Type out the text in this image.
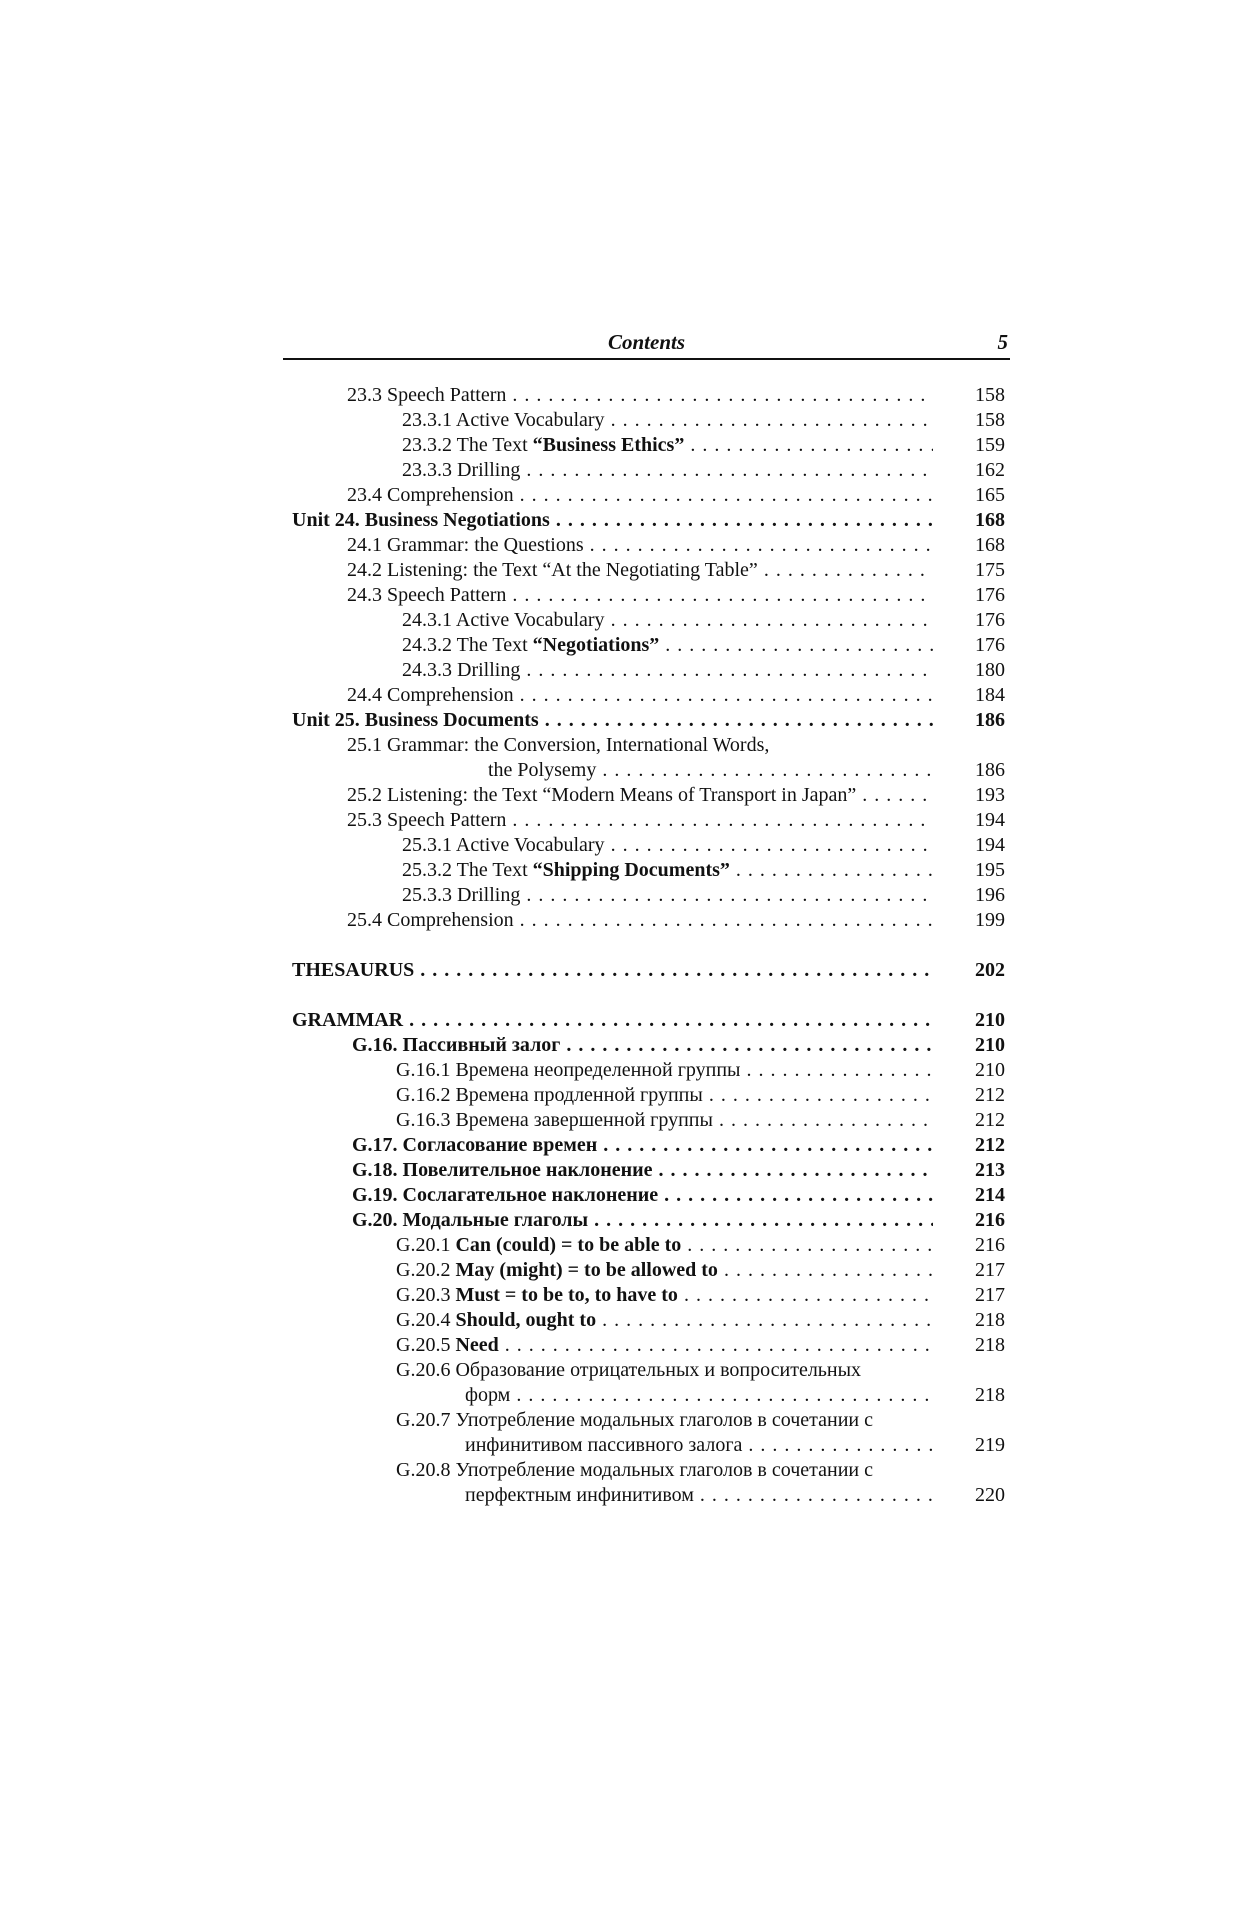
Contents	5
23.3 Speech Pattern . . .	158
23.3.1 Active Vocabulary . . .	158
23.3.2 The Text “Business Ethics” . . .	159
23.3.3 Drilling . . .	162
23.4 Comprehension . . .	165
Unit 24. Business Negotiations . . .	168
24.1 Grammar: the Questions . . .	168
24.2 Listening: the Text “At the Negotiating Table” . . .	175
24.3 Speech Pattern . . .	176
24.3.1 Active Vocabulary . . .	176
24.3.2 The Text “Negotiations” . . .	176
24.3.3 Drilling . . .	180
24.4 Comprehension . . .	184
Unit 25. Business Documents . . .	186
25.1 Grammar: the Conversion, International Words,
the Polysemy . . .	186
25.2 Listening: the Text “Modern Means of Transport in Japan” . . .	193
25.3 Speech Pattern . . .	194
25.3.1 Active Vocabulary . . .	194
25.3.2 The Text “Shipping Documents” . . .	195
25.3.3 Drilling . . .	196
25.4 Comprehension . . .	199
THESAURUS . . .	202
GRAMMAR . . .	210
G.16. Пассивный залог . . .	210
G.16.1 Времена неопределенной группы . . .	210
G.16.2 Времена продленной группы . . .	212
G.16.3 Времена завершенной группы . . .	212
G.17. Согласование времен . . .	212
G.18. Повелительное наклонение . . .	213
G.19. Сослагательное наклонение . . .	214
G.20. Модальные глаголы . . .	216
G.20.1 Can (could) = to be able to . . .	216
G.20.2 May (might) = to be allowed to . . .	217
G.20.3 Must = to be to, to have to . . .	217
G.20.4 Should, ought to . . .	218
G.20.5 Need . . .	218
G.20.6 Образование отрицательных и вопросительных
форм . . .	218
G.20.7 Употребление модальных глаголов в сочетании с
инфинитивом пассивного залога . . .	219
G.20.8 Употребление модальных глаголов в сочетании с
перфектным инфинитивом . . .	220
